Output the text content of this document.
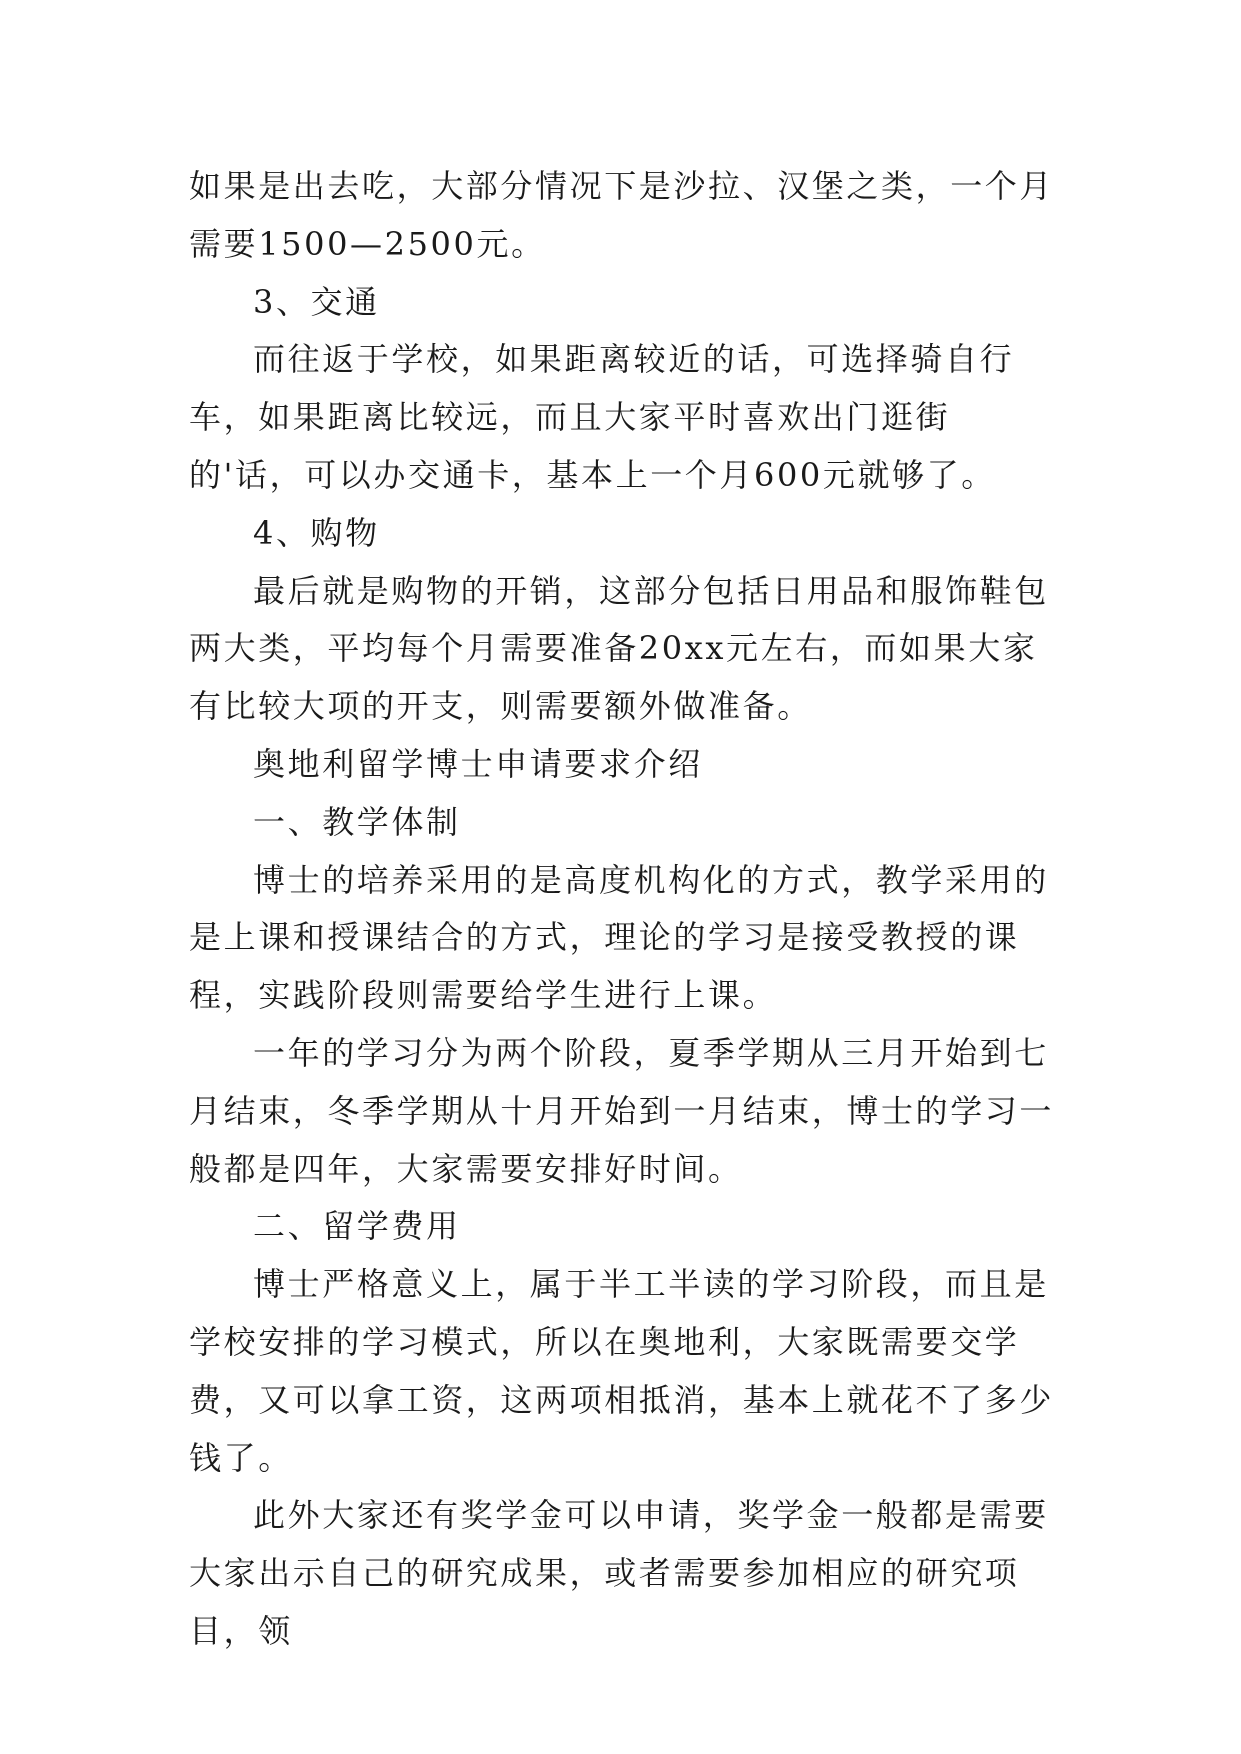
如果是出去吃，大部分情况下是沙拉、汉堡之类，一个月需要1500—2500元。

3、交通

而往返于学校，如果距离较近的话，可选择骑自行车，如果距离比较远，而且大家平时喜欢出门逛街的'话，可以办交通卡，基本上一个月600元就够了。

4、购物

最后就是购物的开销，这部分包括日用品和服饰鞋包两大类，平均每个月需要准备20xx元左右，而如果大家有比较大项的开支，则需要额外做准备。

奥地利留学博士申请要求介绍

一、教学体制

博士的培养采用的是高度机构化的方式，教学采用的是上课和授课结合的方式，理论的学习是接受教授的课程，实践阶段则需要给学生进行上课。

一年的学习分为两个阶段，夏季学期从三月开始到七月结束，冬季学期从十月开始到一月结束，博士的学习一般都是四年，大家需要安排好时间。

二、留学费用

博士严格意义上，属于半工半读的学习阶段，而且是学校安排的学习模式，所以在奥地利，大家既需要交学费，又可以拿工资，这两项相抵消，基本上就花不了多少钱了。

此外大家还有奖学金可以申请，奖学金一般都是需要大家出示自己的研究成果，或者需要参加相应的研究项目，领
